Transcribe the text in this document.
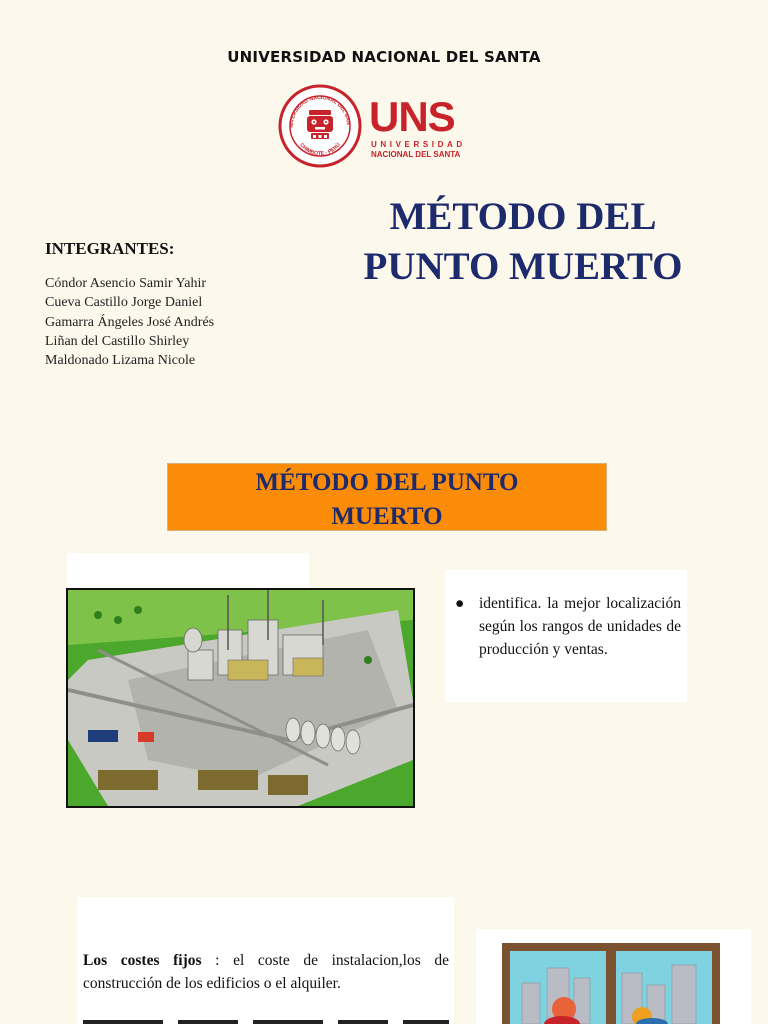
UNIVERSIDAD NACIONAL DEL SANTA
NIVERSIDAD NACIONAL DEL SAN
CHIMBOTE - PERÚ
UNS
UNIVERSIDAD
NACIONAL DEL SANTA
MÉTODO DEL
PUNTO MUERTO
INTEGRANTES:
Cóndor Asencio Samir Yahir
Cueva Castillo Jorge Daniel
Gamarra Ángeles José Andrés
Liñan del Castillo Shirley
Maldonado Lizama Nicole
MÉTODO DEL PUNTO
MUERTO
● identifica. la mejor localización según los rangos de unidades de producción y ventas.
Los costes fijos : el coste de instalacion,los de construcción de los edificios o el alquiler.
